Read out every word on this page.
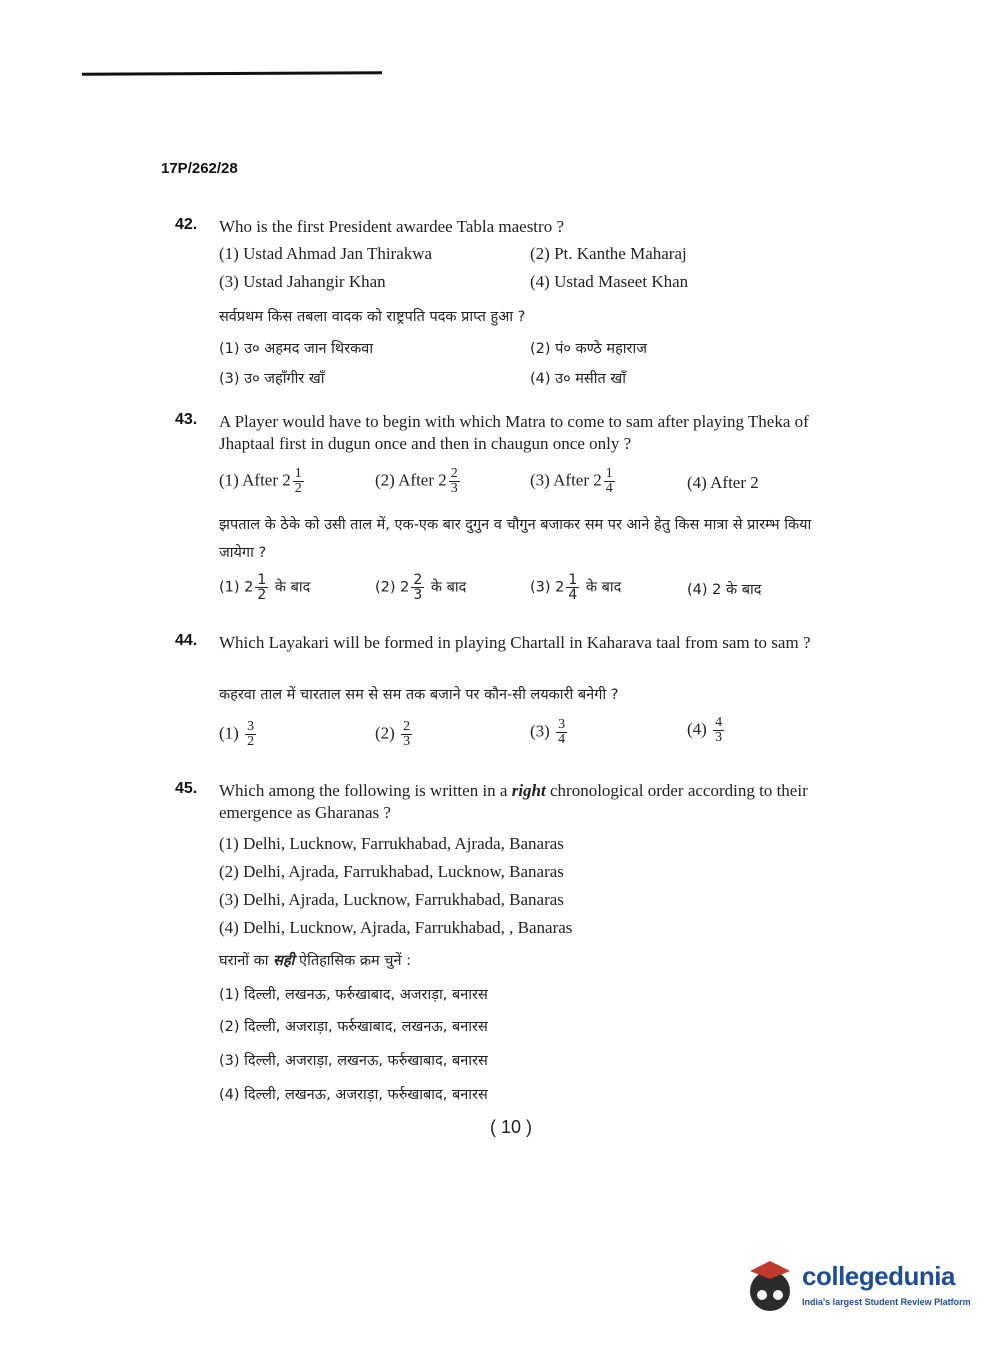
17P/262/28
42. Who is the first President awardee Tabla maestro ?
(1) Ustad Ahmad Jan Thirakwa	(2) Pt. Kanthe Maharaj
(3) Ustad Jahangir Khan	(4) Ustad Maseet Khan
सर्वप्रथम किस तबला वादक को राष्ट्रपति पदक प्राप्त हुआ ?
(1) उ० अहमद जान थिरकवा	(2) पं० कण्ठे महाराज
(3) उ० जहाँगीर खाँ	(4) उ० मसीत खाँ
43. A Player would have to begin with which Matra to come to sam after playing Theka of Jhaptaal first in dugun once and then in chaugun once only ?
(1) After $2 \frac{1}{2}$	(2) After $2 \frac{2}{3}$	(3) After $2 \frac{1}{4}$	(4) After 2
झपताल के ठेके को उसी ताल में, एक-एक बार दुगुन व चौगुन बजाकर सम पर आने हेतु किस मात्रा से प्रारम्भ किया जायेगा ?
(1) $2 \frac{1}{2}$ के बाद	(2) $2 \frac{2}{3}$ के बाद	(3) $2 \frac{1}{4}$ के बाद	(4) 2 के बाद
44. Which Layakari will be formed in playing Chartall in Kaharava taal from sam to sam ?
कहरवा ताल में चारताल सम से सम तक बजाने पर कौन-सी लयकारी बनेगी ?
$(1) \frac{3}{2}$	$(2) \frac{2}{3}$	$(3) \frac{3}{4}$	$(4) \frac{4}{3}$
45. Which among the following is written in a right chronological order according to their emergence as Gharanas ?
(1) Delhi, Lucknow, Farrukhabad, Ajrada, Banaras
(2) Delhi, Ajrada, Farrukhabad, Lucknow, Banaras
(3) Delhi, Ajrada, Lucknow, Farrukhabad, Banaras
(4) Delhi, Lucknow, Ajrada, Farrukhabad, , Banaras
घरानों का सही ऐतिहासिक क्रम चुनें :
(1) दिल्ली, लखनऊ, फर्रुखाबाद, अजराड़ा, बनारस
(2) दिल्ली, अजराड़ा, फर्रुखाबाद, लखनऊ, बनारस
(3) दिल्ली, अजराड़ा, लखनऊ, फर्रुखाबाद, बनारस
(4) दिल्ली, लखनऊ, अजराड़ा, फर्रुखाबाद, बनारस
( 10 )
collegedunia
India's largest Student Review Platform
